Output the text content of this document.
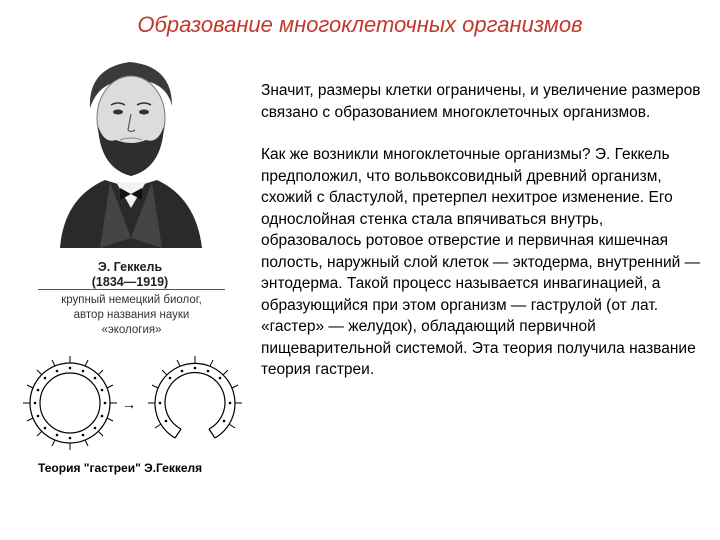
Образование многоклеточных организмов
Э. Геккель
(1834—1919)
крупный немецкий биолог,
автор названия науки
«экология»
→
Теория "гастреи" Э.Геккеля

Значит, размеры клетки ограничены, и увеличение размеров связано с образованием многоклеточных организмов.

Как же возникли многоклеточные организмы? Э. Геккель предположил, что вольвоксовидный древний организм, схожий с бластулой, претерпел нехитрое изменение. Его однослойная стенка стала впячиваться внутрь, образовалось ротовое отверстие и первичная кишечная полость, наружный слой клеток — эктодерма, внутренний — энтодерма. Такой процесс называется инвагинацией, а образующийся при этом организм — гаструлой (от лат. «гастер» — желудок), обладающий первичной пищеварительной системой. Эта теория получила название теория гастреи.
